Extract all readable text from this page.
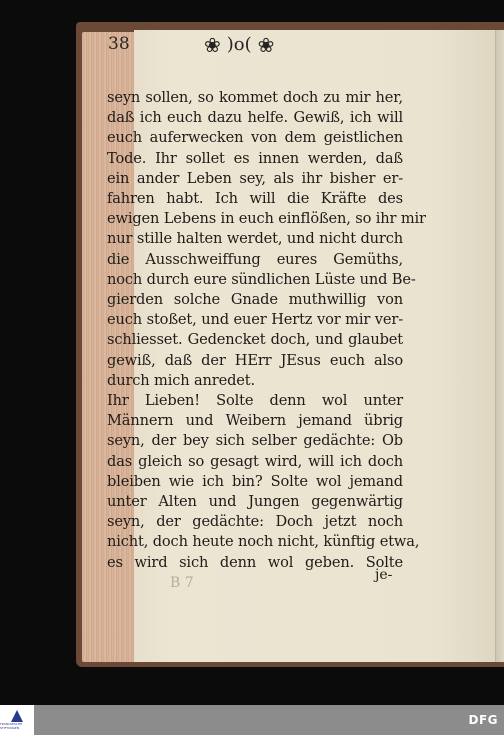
38	❀ )o( ❀
seyn sollen, so kommet doch zu mir her,
daß ich euch dazu helfe. Gewiß, ich will
euch auferwecken von dem geistlichen
Tode. Ihr sollet es innen werden, daß
ein ander Leben sey, als ihr bisher er-
fahren habt. Ich will die Kräfte des
ewigen Lebens in euch einflößen, so ihr mir
nur stille halten werdet, und nicht durch
die Ausschweiffung eures Gemüths,
noch durch eure sündlichen Lüste und Be-
gierden solche Gnade muthwillig von
euch stoßet, und euer Hertz vor mir ver-
schliesset. Gedencket doch, und glaubet
gewiß, daß der HErr JEsus euch also
durch mich anredet.
Ihr Lieben! Solte denn wol unter
Männern und Weibern jemand übrig
seyn, der bey sich selber gedächte: Ob
das gleich so gesagt wird, will ich doch
bleiben wie ich bin? Solte wol jemand
unter Alten und Jungen gegenwärtig
seyn, der gedächte: Doch jetzt noch
nicht, doch heute noch nicht, künftig etwa,
es wird sich denn wol geben. Solte
B 7	je-
FRANCKESCHE STIFTUNGEN
DFG
